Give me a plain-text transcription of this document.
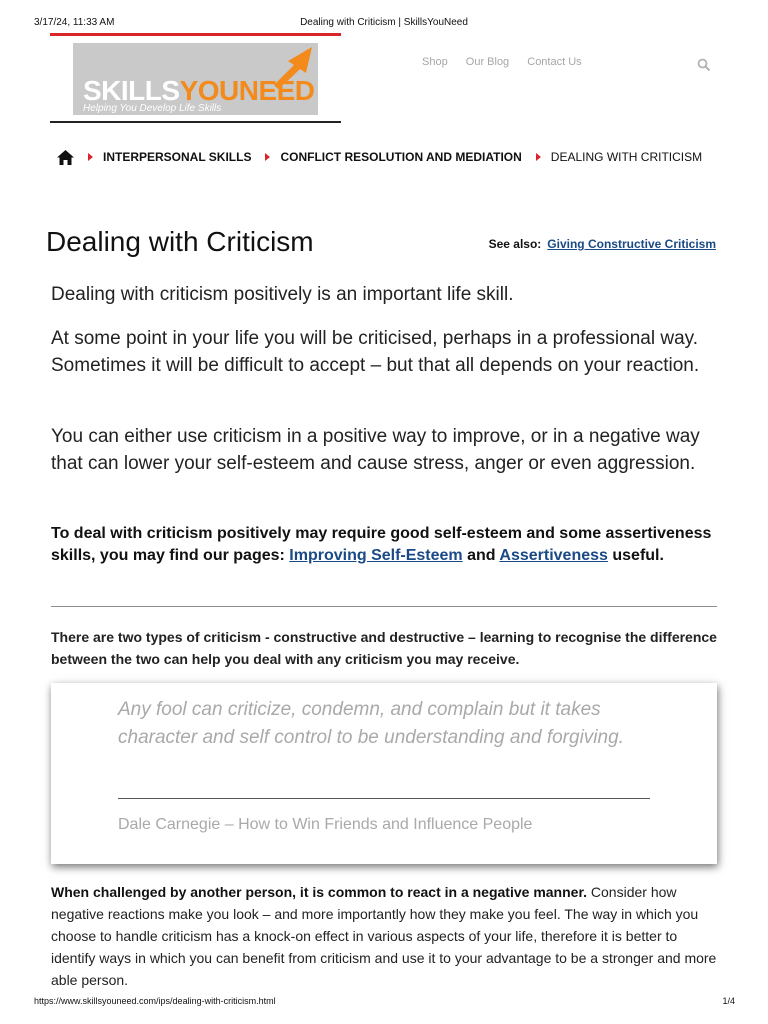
3/17/24, 11:33 AM	Dealing with Criticism | SkillsYouNeed
SKILLSYOUNEED
Helping You Develop Life Skills
Shop Our Blog Contact Us
INTERPERSONAL SKILLS CONFLICT RESOLUTION AND MEDIATION DEALING WITH CRITICISM
Dealing with Criticism	See also: Giving Constructive Criticism

Dealing with criticism positively is an important life skill.

At some point in your life you will be criticised, perhaps in a professional way. Sometimes it will be difficult to accept – but that all depends on your reaction.

You can either use criticism in a positive way to improve, or in a negative way that can lower your self-esteem and cause stress, anger or even aggression.

To deal with criticism positively may require good self-esteem and some assertiveness skills, you may find our pages: Improving Self-Esteem and Assertiveness useful.

There are two types of criticism - constructive and destructive – learning to recognise the difference between the two can help you deal with any criticism you may receive.

Any fool can criticize, condemn, and complain but it takes character and self control to be understanding and forgiving.

Dale Carnegie – How to Win Friends and Influence People

When challenged by another person, it is common to react in a negative manner. Consider how negative reactions make you look – and more importantly how they make you feel. The way in which you choose to handle criticism has a knock-on effect in various aspects of your life, therefore it is better to identify ways in which you can benefit from criticism and use it to your advantage to be a stronger and more able person.

https://www.skillsyouneed.com/ips/dealing-with-criticism.html	1/4
